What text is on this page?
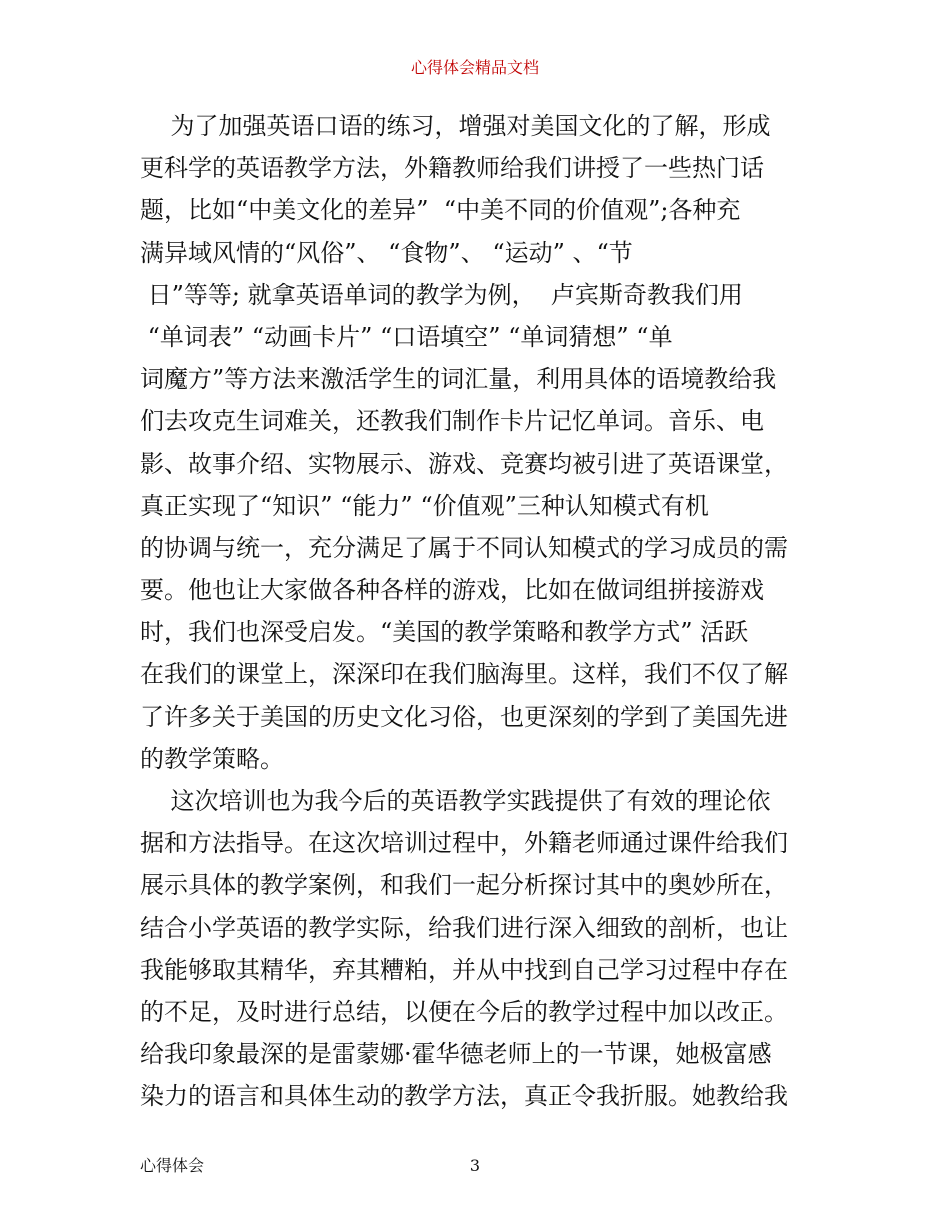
心得体会精品文档
为了加强英语口语的练习，增强对美国文化的了解，形成
更科学的英语教学方法，外籍教师给我们讲授了一些热门话
题，比如“中美文化的差异”  “中美不同的价值观”;各种充
满异域风情的“风俗”、 “食物”、 “运动” 、“节
日”等等; 就拿英语单词的教学为例，  卢宾斯奇教我们用
“单词表” “动画卡片” “口语填空” “单词猜想” “单
词魔方”等方法来激活学生的词汇量，利用具体的语境教给我
们去攻克生词难关，还教我们制作卡片记忆单词。音乐、电
影、故事介绍、实物展示、游戏、竞赛均被引进了英语课堂，
真正实现了“知识” “能力” “价值观”三种认知模式有机
的协调与统一，充分满足了属于不同认知模式的学习成员的需
要。他也让大家做各种各样的游戏，比如在做词组拼接游戏
时，我们也深受启发。“美国的教学策略和教学方式” 活跃
在我们的课堂上，深深印在我们脑海里。这样，我们不仅了解
了许多关于美国的历史文化习俗，也更深刻的学到了美国先进
的教学策略。
这次培训也为我今后的英语教学实践提供了有效的理论依
据和方法指导。在这次培训过程中，外籍老师通过课件给我们
展示具体的教学案例，和我们一起分析探讨其中的奥妙所在，
结合小学英语的教学实际，给我们进行深入细致的剖析，也让
我能够取其精华，弃其糟粕，并从中找到自己学习过程中存在
的不足，及时进行总结，以便在今后的教学过程中加以改正。
给我印象最深的是雷蒙娜·霍华德老师上的一节课，她极富感
染力的语言和具体生动的教学方法，真正令我折服。她教给我
心得体会	3
